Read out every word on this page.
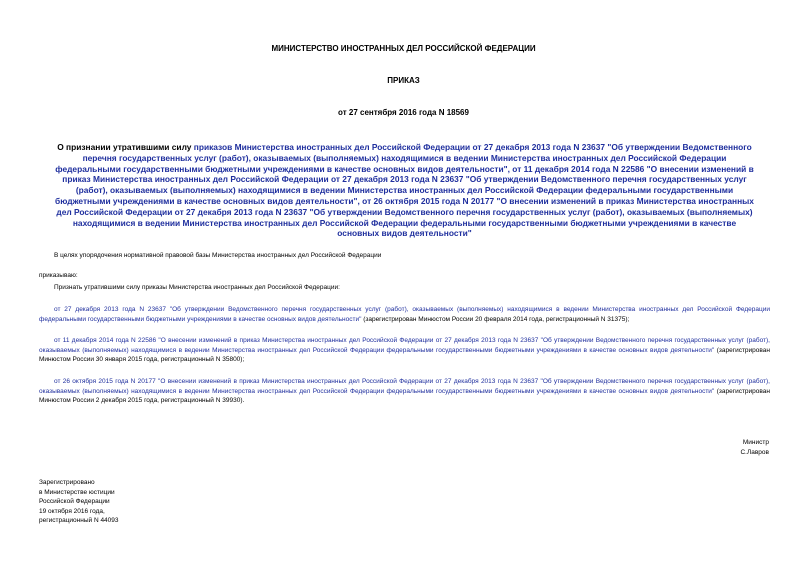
МИНИСТЕРСТВО ИНОСТРАННЫХ ДЕЛ РОССИЙСКОЙ ФЕДЕРАЦИИ
ПРИКАЗ
от 27 сентября 2016 года N 18569
О признании утратившими силу приказов Министерства иностранных дел Российской Федерации от 27 декабря 2013 года N 23637 "Об утверждении Ведомственного перечня государственных услуг (работ), оказываемых (выполняемых) находящимися в ведении Министерства иностранных дел Российской Федерации федеральными государственными бюджетными учреждениями в качестве основных видов деятельности", от 11 декабря 2014 года N 22586 "О внесении изменений в приказ Министерства иностранных дел Российской Федерации от 27 декабря 2013 года N 23637 "Об утверждении Ведомственного перечня государственных услуг (работ), оказываемых (выполняемых) находящимися в ведении Министерства иностранных дел Российской Федерации федеральными государственными бюджетными учреждениями в качестве основных видов деятельности", от 26 октября 2015 года N 20177 "О внесении изменений в приказ Министерства иностранных дел Российской Федерации от 27 декабря 2013 года N 23637 "Об утверждении Ведомственного перечня государственных услуг (работ), оказываемых (выполняемых) находящимися в ведении Министерства иностранных дел Российской Федерации федеральными государственными бюджетными учреждениями в качестве основных видов деятельности"
В целях упорядочения нормативной правовой базы Министерства иностранных дел Российской Федерации
приказываю:
Признать утратившими силу приказы Министерства иностранных дел Российской Федерации:
от 27 декабря 2013 года N 23637 "Об утверждении Ведомственного перечня государственных услуг (работ), оказываемых (выполняемых) находящимися в ведении Министерства иностранных дел Российской Федерации федеральными государственными бюджетными учреждениями в качестве основных видов деятельности" (зарегистрирован Минюстом России 20 февраля 2014 года, регистрационный N 31375);
от 11 декабря 2014 года N 22586 "О внесении изменений в приказ Министерства иностранных дел Российской Федерации от 27 декабря 2013 года N 23637 "Об утверждении Ведомственного перечня государственных услуг (работ), оказываемых (выполняемых) находящимися в ведении Министерства иностранных дел Российской Федерации федеральными государственными бюджетными учреждениями в качестве основных видов деятельности" (зарегистрирован Минюстом России 30 января 2015 года, регистрационный N 35800);
от 26 октября 2015 года N 20177 "О внесении изменений в приказ Министерства иностранных дел Российской Федерации от 27 декабря 2013 года N 23637 "Об утверждении Ведомственного перечня государственных услуг (работ), оказываемых (выполняемых) находящимися в ведении Министерства иностранных дел Российской Федерации федеральными государственными бюджетными учреждениями в качестве основных видов деятельности" (зарегистрирован Минюстом России 2 декабря 2015 года, регистрационный N 39930).
Министр
С.Лавров
Зарегистрировано
в Министерстве юстиции
Российской Федерации
19 октября 2016 года,
регистрационный N 44093
